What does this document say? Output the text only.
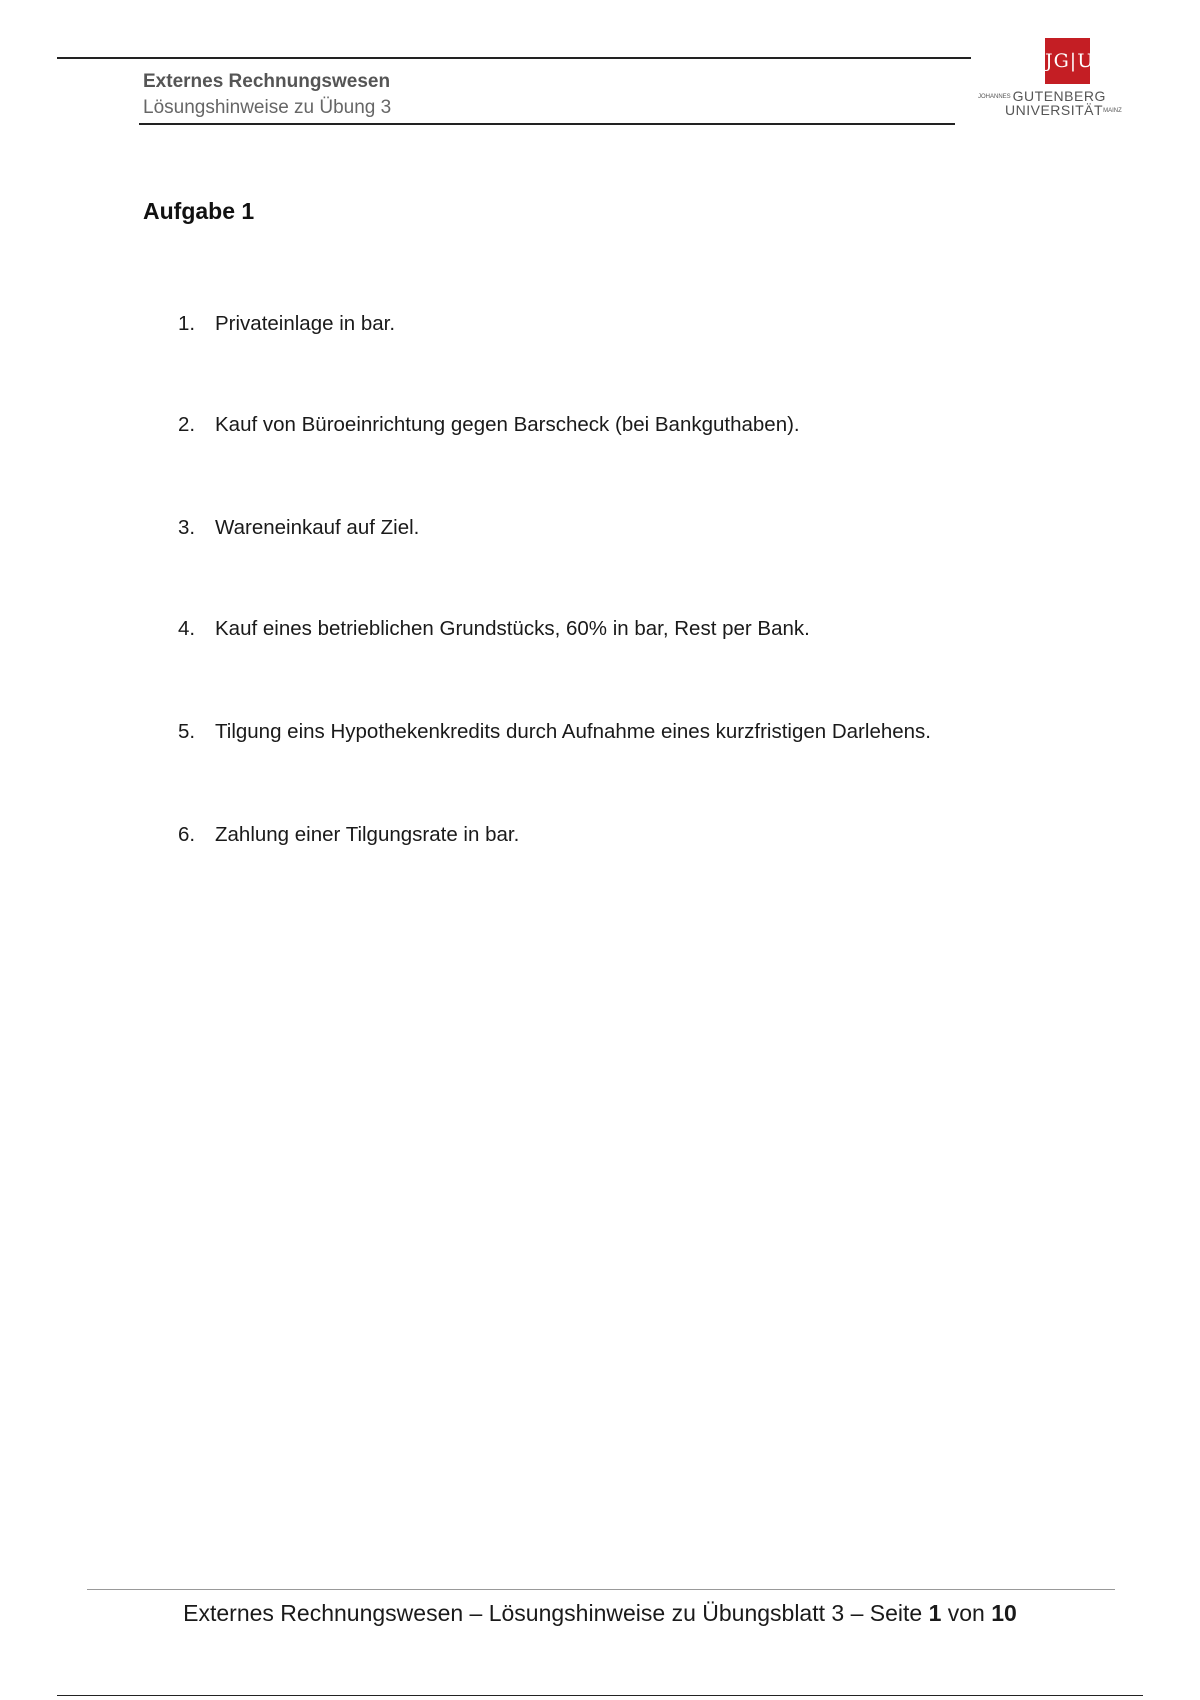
Externes Rechnungswesen
Lösungshinweise zu Übung 3
JG|U
JOHANNES GUTENBERG
UNIVERSITÄTMAINZ
Aufgabe 1
1. Privateinlage in bar.
2. Kauf von Büroeinrichtung gegen Barscheck (bei Bankguthaben).
3. Wareneinkauf auf Ziel.
4. Kauf eines betrieblichen Grundstücks, 60% in bar, Rest per Bank.
5. Tilgung eins Hypothekenkredits durch Aufnahme eines kurzfristigen Darlehens.
6. Zahlung einer Tilgungsrate in bar.
Externes Rechnungswesen – Lösungshinweise zu Übungsblatt 3 – Seite 1 von 10
